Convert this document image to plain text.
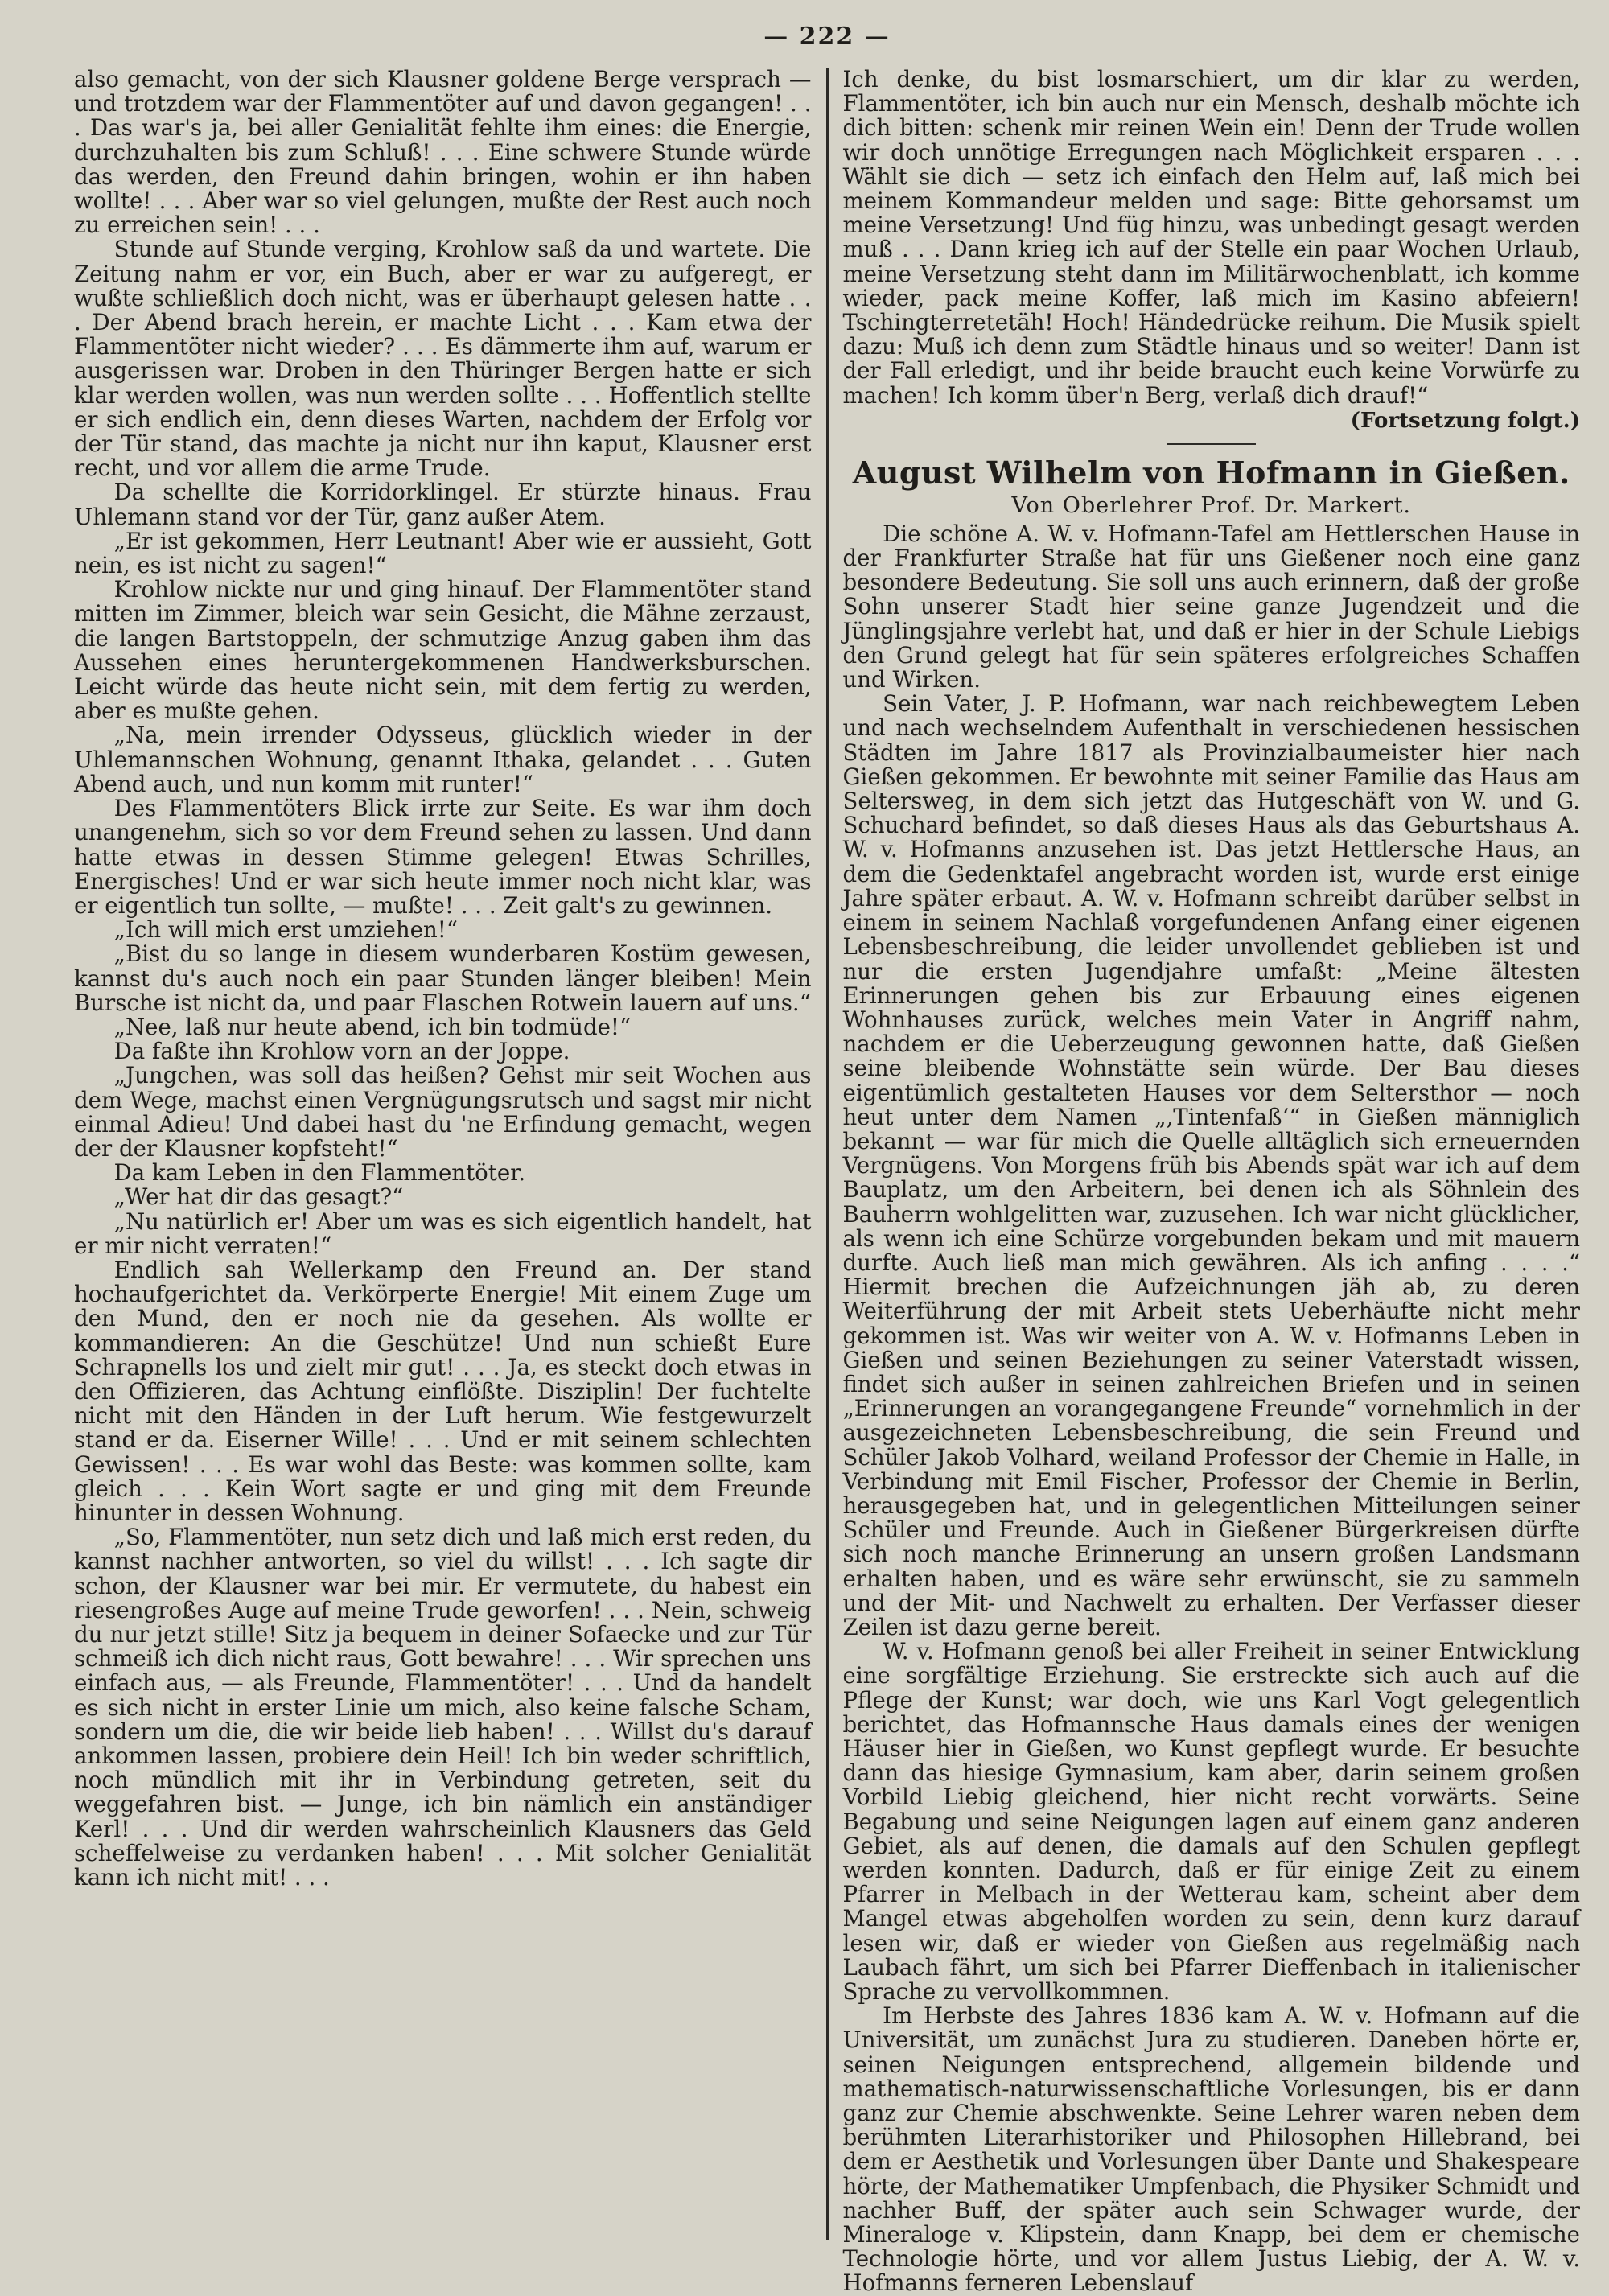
— 222 —

also gemacht, von der sich Klausner goldene Berge versprach — und trotzdem war der Flammentöter auf und davon gegangen! . . . Das war's ja, bei aller Genialität fehlte ihm eines: die Energie, durchzuhalten bis zum Schluß! . . . Eine schwere Stunde würde das werden, den Freund dahin bringen, wohin er ihn haben wollte! . . . Aber war so viel gelungen, mußte der Rest auch noch zu erreichen sein! . . .

Stunde auf Stunde verging, Krohlow saß da und wartete. Die Zeitung nahm er vor, ein Buch, aber er war zu aufgeregt, er wußte schließlich doch nicht, was er überhaupt gelesen hatte . . . Der Abend brach herein, er machte Licht . . . Kam etwa der Flammentöter nicht wieder? . . . Es dämmerte ihm auf, warum er ausgerissen war. Droben in den Thüringer Bergen hatte er sich klar werden wollen, was nun werden sollte . . . Hoffentlich stellte er sich endlich ein, denn dieses Warten, nachdem der Erfolg vor der Tür stand, das machte ja nicht nur ihn kaput, Klausner erst recht, und vor allem die arme Trude.

Da schellte die Korridorklingel. Er stürzte hinaus. Frau Uhlemann stand vor der Tür, ganz außer Atem.

„Er ist gekommen, Herr Leutnant! Aber wie er aussieht, Gott nein, es ist nicht zu sagen!“

Krohlow nickte nur und ging hinauf. Der Flammentöter stand mitten im Zimmer, bleich war sein Gesicht, die Mähne zerzaust, die langen Bartstoppeln, der schmutzige Anzug gaben ihm das Aussehen eines heruntergekommenen Handwerksburschen. Leicht würde das heute nicht sein, mit dem fertig zu werden, aber es mußte gehen.

„Na, mein irrender Odysseus, glücklich wieder in der Uhlemannschen Wohnung, genannt Ithaka, gelandet . . . Guten Abend auch, und nun komm mit runter!“

Des Flammentöters Blick irrte zur Seite. Es war ihm doch unangenehm, sich so vor dem Freund sehen zu lassen. Und dann hatte etwas in dessen Stimme gelegen! Etwas Schrilles, Energisches! Und er war sich heute immer noch nicht klar, was er eigentlich tun sollte, — mußte! . . . Zeit galt's zu gewinnen.

„Ich will mich erst umziehen!“

„Bist du so lange in diesem wunderbaren Kostüm gewesen, kannst du's auch noch ein paar Stunden länger bleiben! Mein Bursche ist nicht da, und paar Flaschen Rotwein lauern auf uns.“

„Nee, laß nur heute abend, ich bin todmüde!“

Da faßte ihn Krohlow vorn an der Joppe.

„Jungchen, was soll das heißen? Gehst mir seit Wochen aus dem Wege, machst einen Vergnügungsrutsch und sagst mir nicht einmal Adieu! Und dabei hast du 'ne Erfindung gemacht, wegen der der Klausner kopfsteht!“

Da kam Leben in den Flammentöter.

„Wer hat dir das gesagt?“

„Nu natürlich er! Aber um was es sich eigentlich handelt, hat er mir nicht verraten!“

Endlich sah Wellerkamp den Freund an. Der stand hochaufgerichtet da. Verkörperte Energie! Mit einem Zuge um den Mund, den er noch nie da gesehen. Als wollte er kommandieren: An die Geschütze! Und nun schießt Eure Schrapnells los und zielt mir gut! . . . Ja, es steckt doch etwas in den Offizieren, das Achtung einflößte. Disziplin! Der fuchtelte nicht mit den Händen in der Luft herum. Wie festgewurzelt stand er da. Eiserner Wille! . . . Und er mit seinem schlechten Gewissen! . . . Es war wohl das Beste: was kommen sollte, kam gleich . . . Kein Wort sagte er und ging mit dem Freunde hinunter in dessen Wohnung.

„So, Flammentöter, nun setz dich und laß mich erst reden, du kannst nachher antworten, so viel du willst! . . . Ich sagte dir schon, der Klausner war bei mir. Er vermutete, du habest ein riesengroßes Auge auf meine Trude geworfen! . . . Nein, schweig du nur jetzt stille! Sitz ja bequem in deiner Sofaecke und zur Tür schmeiß ich dich nicht raus, Gott bewahre! . . . Wir sprechen uns einfach aus, — als Freunde, Flammentöter! . . . Und da handelt es sich nicht in erster Linie um mich, also keine falsche Scham, sondern um die, die wir beide lieb haben! . . . Willst du's darauf ankommen lassen, probiere dein Heil! Ich bin weder schriftlich, noch mündlich mit ihr in Verbindung getreten, seit du weggefahren bist. — Junge, ich bin nämlich ein anständiger Kerl! . . . Und dir werden wahrscheinlich Klausners das Geld scheffelweise zu verdanken haben! . . . Mit solcher Genialität kann ich nicht mit! . . .

Ich denke, du bist losmarschiert, um dir klar zu werden, Flammentöter, ich bin auch nur ein Mensch, deshalb möchte ich dich bitten: schenk mir reinen Wein ein! Denn der Trude wollen wir doch unnötige Erregungen nach Möglichkeit ersparen . . . Wählt sie dich — setz ich einfach den Helm auf, laß mich bei meinem Kommandeur melden und sage: Bitte gehorsamst um meine Versetzung! Und füg hinzu, was unbedingt gesagt werden muß . . . Dann krieg ich auf der Stelle ein paar Wochen Urlaub, meine Versetzung steht dann im Militärwochenblatt, ich komme wieder, pack meine Koffer, laß mich im Kasino abfeiern! Tschingterretetäh! Hoch! Händedrücke reihum. Die Musik spielt dazu: Muß ich denn zum Städtle hinaus und so weiter! Dann ist der Fall erledigt, und ihr beide braucht euch keine Vorwürfe zu machen! Ich komm über'n Berg, verlaß dich drauf!“

(Fortsetzung folgt.)
August Wilhelm von Hofmann in Gießen.
Von Oberlehrer Prof. Dr. Markert.

Die schöne A. W. v. Hofmann-Tafel am Hettlerschen Hause in der Frankfurter Straße hat für uns Gießener noch eine ganz besondere Bedeutung. Sie soll uns auch erinnern, daß der große Sohn unserer Stadt hier seine ganze Jugendzeit und die Jünglingsjahre verlebt hat, und daß er hier in der Schule Liebigs den Grund gelegt hat für sein späteres erfolgreiches Schaffen und Wirken.

Sein Vater, J. P. Hofmann, war nach reichbewegtem Leben und nach wechselndem Aufenthalt in verschiedenen hessischen Städten im Jahre 1817 als Provinzialbaumeister hier nach Gießen gekommen. Er bewohnte mit seiner Familie das Haus am Seltersweg, in dem sich jetzt das Hutgeschäft von W. und G. Schuchard befindet, so daß dieses Haus als das Geburtshaus A. W. v. Hofmanns anzusehen ist. Das jetzt Hettlersche Haus, an dem die Gedenktafel angebracht worden ist, wurde erst einige Jahre später erbaut. A. W. v. Hofmann schreibt darüber selbst in einem in seinem Nachlaß vorgefundenen Anfang einer eigenen Lebensbeschreibung, die leider unvollendet geblieben ist und nur die ersten Jugendjahre umfaßt: „Meine ältesten Erinnerungen gehen bis zur Erbauung eines eigenen Wohnhauses zurück, welches mein Vater in Angriff nahm, nachdem er die Ueberzeugung gewonnen hatte, daß Gießen seine bleibende Wohnstätte sein würde. Der Bau dieses eigentümlich gestalteten Hauses vor dem Seltersthor — noch heut unter dem Namen „‚Tintenfaß‘“ in Gießen männiglich bekannt — war für mich die Quelle alltäglich sich erneuernden Vergnügens. Von Morgens früh bis Abends spät war ich auf dem Bauplatz, um den Arbeitern, bei denen ich als Söhnlein des Bauherrn wohlgelitten war, zuzusehen. Ich war nicht glücklicher, als wenn ich eine Schürze vorgebunden bekam und mit mauern durfte. Auch ließ man mich gewähren. Als ich anfing . . . .“ Hiermit brechen die Aufzeichnungen jäh ab, zu deren Weiterführung der mit Arbeit stets Ueberhäufte nicht mehr gekommen ist. Was wir weiter von A. W. v. Hofmanns Leben in Gießen und seinen Beziehungen zu seiner Vaterstadt wissen, findet sich außer in seinen zahlreichen Briefen und in seinen „Erinnerungen an vorangegangene Freunde“ vornehmlich in der ausgezeichneten Lebensbeschreibung, die sein Freund und Schüler Jakob Volhard, weiland Professor der Chemie in Halle, in Verbindung mit Emil Fischer, Professor der Chemie in Berlin, herausgegeben hat, und in gelegentlichen Mitteilungen seiner Schüler und Freunde. Auch in Gießener Bürgerkreisen dürfte sich noch manche Erinnerung an unsern großen Landsmann erhalten haben, und es wäre sehr erwünscht, sie zu sammeln und der Mit- und Nachwelt zu erhalten. Der Verfasser dieser Zeilen ist dazu gerne bereit.

W. v. Hofmann genoß bei aller Freiheit in seiner Entwicklung eine sorgfältige Erziehung. Sie erstreckte sich auch auf die Pflege der Kunst; war doch, wie uns Karl Vogt gelegentlich berichtet, das Hofmannsche Haus damals eines der wenigen Häuser hier in Gießen, wo Kunst gepflegt wurde. Er besuchte dann das hiesige Gymnasium, kam aber, darin seinem großen Vorbild Liebig gleichend, hier nicht recht vorwärts. Seine Begabung und seine Neigungen lagen auf einem ganz anderen Gebiet, als auf denen, die damals auf den Schulen gepflegt werden konnten. Dadurch, daß er für einige Zeit zu einem Pfarrer in Melbach in der Wetterau kam, scheint aber dem Mangel etwas abgeholfen worden zu sein, denn kurz darauf lesen wir, daß er wieder von Gießen aus regelmäßig nach Laubach fährt, um sich bei Pfarrer Dieffenbach in italienischer Sprache zu vervollkommnen.

Im Herbste des Jahres 1836 kam A. W. v. Hofmann auf die Universität, um zunächst Jura zu studieren. Daneben hörte er, seinen Neigungen entsprechend, allgemein bildende und mathematisch-naturwissenschaftliche Vorlesungen, bis er dann ganz zur Chemie abschwenkte. Seine Lehrer waren neben dem berühmten Literarhistoriker und Philosophen Hillebrand, bei dem er Aesthetik und Vorlesungen über Dante und Shakespeare hörte, der Mathematiker Umpfenbach, die Physiker Schmidt und nachher Buff, der später auch sein Schwager wurde, der Mineraloge v. Klipstein, dann Knapp, bei dem er chemische Technologie hörte, und vor allem Justus Liebig, der A. W. v. Hofmanns ferneren Lebenslauf
